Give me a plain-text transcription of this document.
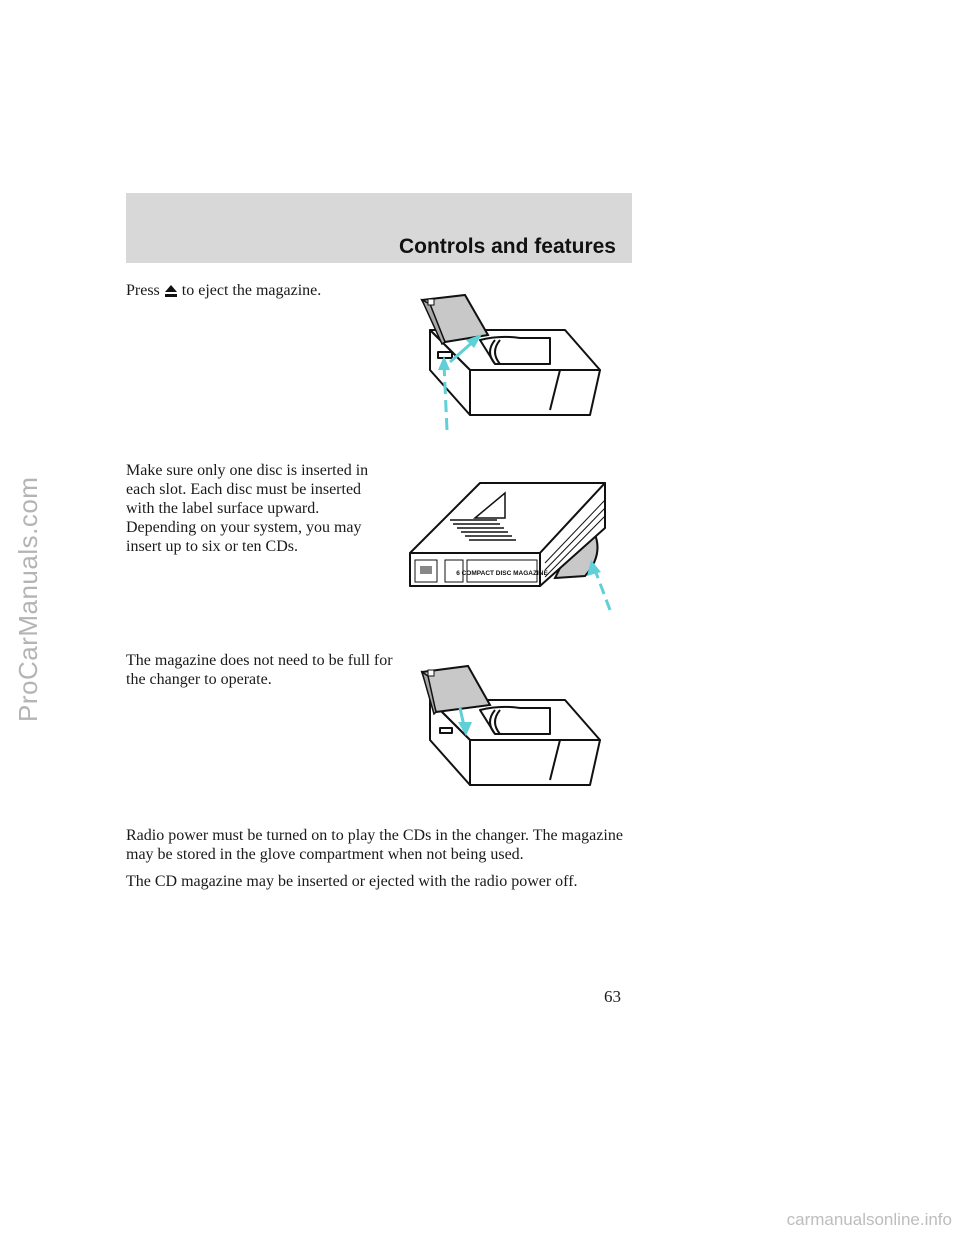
Controls and features

Press to eject the magazine.

Make sure only one disc is inserted in each slot. Each disc must be inserted with the label surface upward. Depending on your system, you may insert up to six or ten CDs.

6 COMPACT DISC MAGAZINE

The magazine does not need to be full for the changer to operate.

Radio power must be turned on to play the CDs in the changer. The magazine may be stored in the glove compartment when not being used.

The CD magazine may be inserted or ejected with the radio power off.

63
ProCarManuals.com
carmanualsonline.info
